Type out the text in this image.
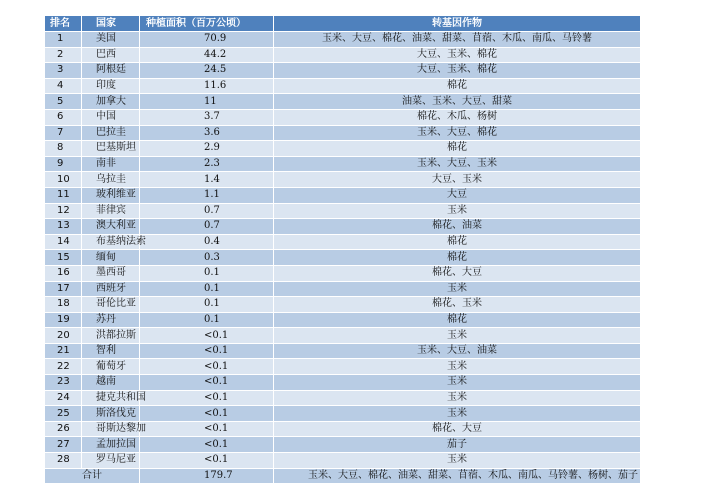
排名	国家	种植面积（百万公顷）	转基因作物
1	美国	70.9	玉米、大豆、棉花、油菜、甜菜、苜蓿、木瓜、南瓜、马铃薯
2	巴西	44.2	大豆、玉米、棉花
3	阿根廷	24.5	大豆、玉米、棉花
4	印度	11.6	棉花
5	加拿大	11	油菜、玉米、大豆、甜菜
6	中国	3.7	棉花、木瓜、杨树
7	巴拉圭	3.6	玉米、大豆、棉花
8	巴基斯坦	2.9	棉花
9	南非	2.3	玉米、大豆、玉米
10	乌拉圭	1.4	大豆、玉米
11	玻利维亚	1.1	大豆
12	菲律宾	0.7	玉米
13	澳大利亚	0.7	棉花、油菜
14	布基纳法索	0.4	棉花
15	缅甸	0.3	棉花
16	墨西哥	0.1	棉花、大豆
17	西班牙	0.1	玉米
18	哥伦比亚	0.1	棉花、玉米
19	苏丹	0.1	棉花
20	洪都拉斯	<0.1	玉米
21	智利	<0.1	玉米、大豆、油菜
22	葡萄牙	<0.1	玉米
23	越南	<0.1	玉米
24	捷克共和国	<0.1	玉米
25	斯洛伐克	<0.1	玉米
26	哥斯达黎加	<0.1	棉花、大豆
27	孟加拉国	<0.1	茄子
28	罗马尼亚	<0.1	玉米
合计		179.7	玉米、大豆、棉花、油菜、甜菜、苜蓿、木瓜、南瓜、马铃薯、杨树、茄子
